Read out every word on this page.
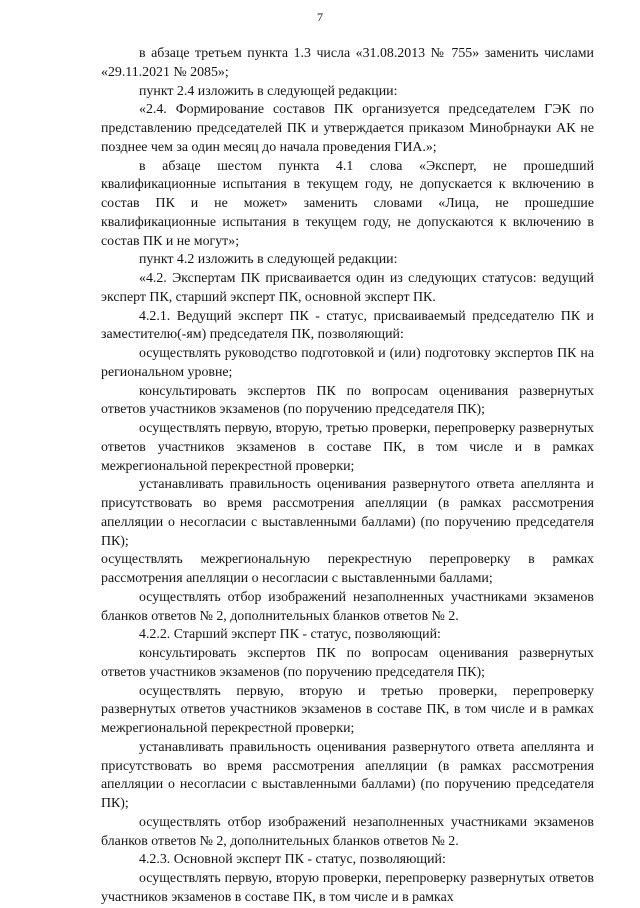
7

в абзаце третьем пункта 1.3 числа «31.08.2013 № 755» заменить числами «29.11.2021 № 2085»;

пункт 2.4 изложить в следующей редакции:

«2.4. Формирование составов ПК организуется председателем ГЭК по представлению председателей ПК и утверждается приказом Минобрнауки АК не позднее чем за один месяц до начала проведения ГИА.»;

в абзаце шестом пункта 4.1 слова «Эксперт, не прошедший квалификационные испытания в текущем году, не допускается к включению в состав ПК и не может» заменить словами «Лица, не прошедшие квалификационные испытания в текущем году, не допускаются к включению в состав ПК и не могут»;

пункт 4.2 изложить в следующей редакции:

«4.2. Экспертам ПК присваивается один из следующих статусов: ведущий эксперт ПК, старший эксперт ПК, основной эксперт ПК.

4.2.1. Ведущий эксперт ПК - статус, присваиваемый председателю ПК и заместителю(-ям) председателя ПК, позволяющий:

осуществлять руководство подготовкой и (или) подготовку экспертов ПК на региональном уровне;

консультировать экспертов ПК по вопросам оценивания развернутых ответов участников экзаменов (по поручению председателя ПК);

осуществлять первую, вторую, третью проверки, перепроверку развернутых ответов участников экзаменов в составе ПК, в том числе и в рамках межрегиональной перекрестной проверки;

устанавливать правильность оценивания развернутого ответа апеллянта и присутствовать во время рассмотрения апелляции (в рамках рассмотрения апелляции о несогласии с выставленными баллами) (по поручению председателя ПК);

осуществлять межрегиональную перекрестную перепроверку в рамках рассмотрения апелляции о несогласии с выставленными баллами;

осуществлять отбор изображений незаполненных участниками экзаменов бланков ответов № 2, дополнительных бланков ответов № 2.

4.2.2. Старший эксперт ПК - статус, позволяющий:

консультировать экспертов ПК по вопросам оценивания развернутых ответов участников экзаменов (по поручению председателя ПК);

осуществлять первую, вторую и третью проверки, перепроверку развернутых ответов участников экзаменов в составе ПК, в том числе и в рамках межрегиональной перекрестной проверки;

устанавливать правильность оценивания развернутого ответа апеллянта и присутствовать во время рассмотрения апелляции (в рамках рассмотрения апелляции о несогласии с выставленными баллами) (по поручению председателя ПК);

осуществлять отбор изображений незаполненных участниками экзаменов бланков ответов № 2, дополнительных бланков ответов № 2.

4.2.3. Основной эксперт ПК - статус, позволяющий:

осуществлять первую, вторую проверки, перепроверку развернутых ответов участников экзаменов в составе ПК, в том числе и в рамках
